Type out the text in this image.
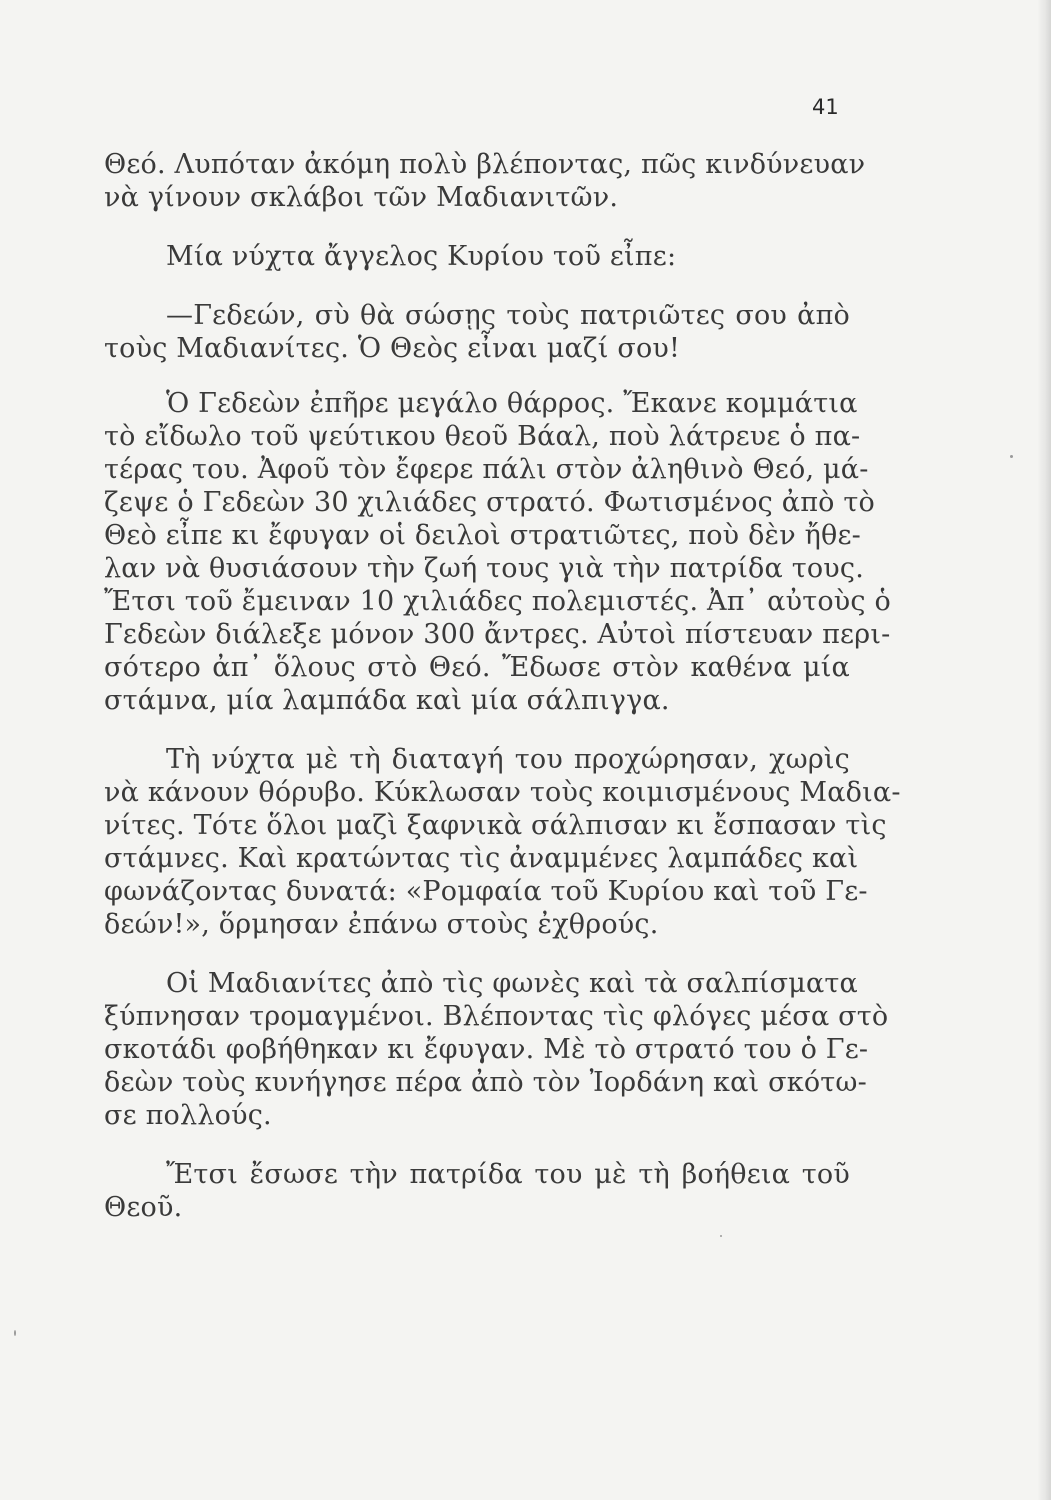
41
Θεό. Λυπόταν ἀκόμη πολὺ βλέποντας, πῶς κινδύνευαν
νὰ γίνουν σκλάβοι τῶν Μαδιανιτῶν.
Μία νύχτα ἄγγελος Κυρίου τοῦ εἶπε:
—Γεδεών, σὺ θὰ σώσῃς τοὺς πατριῶτες σου ἀπὸ
τοὺς Μαδιανίτες. Ὁ Θεὸς εἶναι μαζί σου!
Ὁ Γεδεὼν ἐπῆρε μεγάλο θάρρος. Ἔκανε κομμάτια
τὸ εἴδωλο τοῦ ψεύτικου θεοῦ Βάαλ, ποὺ λάτρευε ὁ πα-
τέρας του. Ἀφοῦ τὸν ἔφερε πάλι στὸν ἀληθινὸ Θεό, μά-
ζεψε ὁ Γεδεὼν 30 χιλιάδες στρατό. Φωτισμένος ἀπὸ τὸ
Θεὸ εἶπε κι ἔφυγαν οἱ δειλοὶ στρατιῶτες, ποὺ δὲν ἤθε-
λαν νὰ θυσιάσουν τὴν ζωή τους γιὰ τὴν πατρίδα τους.
Ἔτσι τοῦ ἔμειναν 10 χιλιάδες πολεμιστές. Ἀπ᾿ αὐτοὺς ὁ
Γεδεὼν διάλεξε μόνον 300 ἄντρες. Αὐτοὶ πίστευαν περι-
σότερο ἀπ᾿ ὅλους στὸ Θεό. Ἔδωσε στὸν καθένα μία
στάμνα, μία λαμπάδα καὶ μία σάλπιγγα.
Τὴ νύχτα μὲ τὴ διαταγή του προχώρησαν, χωρὶς
νὰ κάνουν θόρυβο. Κύκλωσαν τοὺς κοιμισμένους Μαδια-
νίτες. Τότε ὅλοι μαζὶ ξαφνικὰ σάλπισαν κι ἔσπασαν τὶς
στάμνες. Καὶ κρατώντας τὶς ἀναμμένες λαμπάδες καὶ
φωνάζοντας δυνατά: «Ρομφαία τοῦ Κυρίου καὶ τοῦ Γε-
δεών!», ὅρμησαν ἐπάνω στοὺς ἐχθρούς.
Οἱ Μαδιανίτες ἀπὸ τὶς φωνὲς καὶ τὰ σαλπίσματα
ξύπνησαν τρομαγμένοι. Βλέποντας τὶς φλόγες μέσα στὸ
σκοτάδι φοβήθηκαν κι ἔφυγαν. Μὲ τὸ στρατό του ὁ Γε-
δεὼν τοὺς κυνήγησε πέρα ἀπὸ τὸν Ἰορδάνη καὶ σκότω-
σε πολλούς.
Ἔτσι ἔσωσε τὴν πατρίδα του μὲ τὴ βοήθεια τοῦ
Θεοῦ.
